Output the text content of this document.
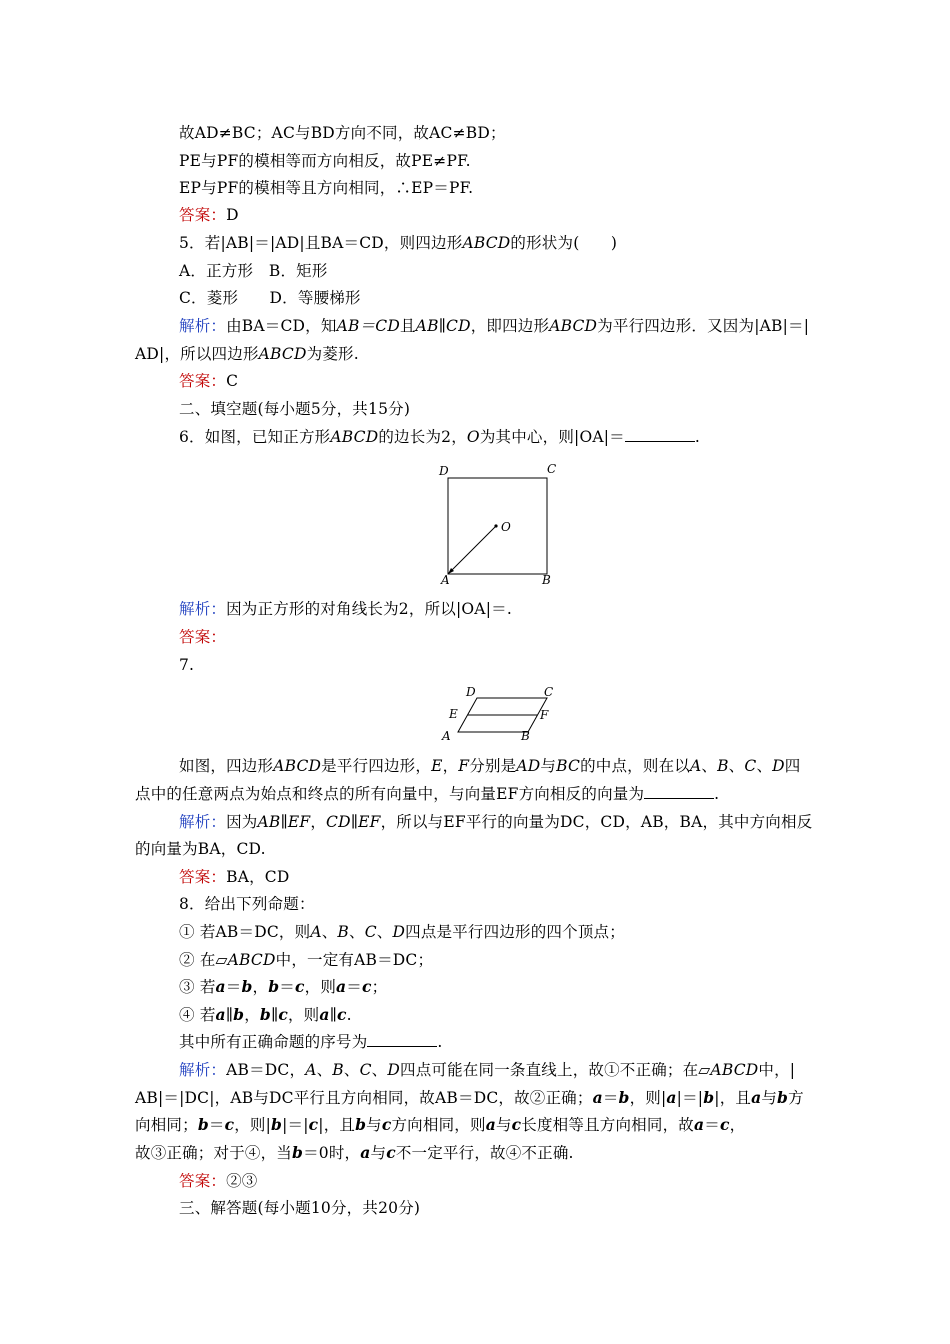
故AD≠BC；AC与BD方向不同，故AC≠BD；
PE与PF的模相等而方向相反，故PE≠PF.
EP与PF的模相等且方向相同，∴EP＝PF.
答案：D
5．若|AB|＝|AD|且BA＝CD，则四边形ABCD的形状为(　　)
A．正方形　B．矩形
C．菱形　　D．等腰梯形
解析：由BA＝CD，知AB＝CD且AB∥CD，即四边形ABCD为平行四边形．又因为|AB|＝|
AD|，所以四边形ABCD为菱形.
答案：C
二、填空题(每小题5分，共15分)
6．如图，已知正方形ABCD的边长为2，O为其中心，则|OA|＝	.
D	C
A	B
O
解析：因为正方形的对角线长为2，所以|OA|＝.
答案：
7.
D	C
E	F
A	B
如图，四边形ABCD是平行四边形，E，F分别是AD与BC的中点，则在以A、B、C、D四
点中的任意两点为始点和终点的所有向量中，与向量EF方向相反的向量为	.
解析：因为AB∥EF，CD∥EF，所以与EF平行的向量为DC，CD，AB，BA，其中方向相反
的向量为BA，CD.
答案：BA，CD
8．给出下列命题：
① 若AB＝DC，则A、B、C、D四点是平行四边形的四个顶点；
② 在▱ABCD中，一定有AB＝DC；
③ 若a＝b，b＝c，则a＝c；
④ 若a∥b，b∥c，则a∥c.
其中所有正确命题的序号为	.
解析：AB＝DC，A、B、C、D四点可能在同一条直线上，故①不正确；在▱ABCD中，|
AB|＝|DC|，AB与DC平行且方向相同，故AB＝DC，故②正确；a＝b，则|a|＝|b|，且a与b方
向相同；b＝c，则|b|＝|c|，且b与c方向相同，则a与c长度相等且方向相同，故a＝c，
故③正确；对于④，当b＝0时，a与c不一定平行，故④不正确.
答案：②③
三、解答题(每小题10分，共20分)
